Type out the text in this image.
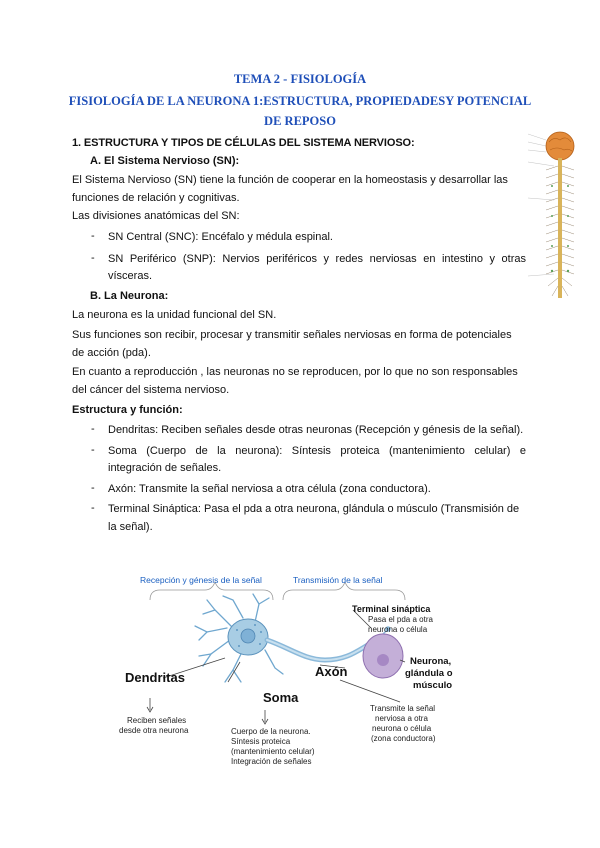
TEMA 2 - FISIOLOGÍA
FISIOLOGÍA DE LA NEURONA 1:ESTRUCTURA, PROPIEDADESY POTENCIAL
DE REPOSO
1. ESTRUCTURA Y TIPOS DE CÉLULAS DEL SISTEMA NERVIOSO:
A. El Sistema Nervioso (SN):
El Sistema Nervioso (SN) tiene la función de cooperar en la homeostasis y desarrollar las
funciones de relación y cognitivas.
Las divisiones anatómicas del SN:
- SN Central (SNC): Encéfalo y médula espinal.
- SN Periférico (SNP): Nervios periféricos y redes nerviosas en intestino y otras
vísceras.
B. La Neurona:
La neurona es la unidad funcional del SN.
Sus funciones son recibir, procesar y transmitir señales nerviosas en forma de potenciales
de acción (pda).
En cuanto a reproducción , las neuronas no se reproducen, por lo que no son responsables
del cáncer del sistema nervioso.
Estructura y función:
- Dendritas: Reciben señales desde otras neuronas (Recepción y génesis de la señal).
- Soma (Cuerpo de la neurona): Síntesis proteica (mantenimiento celular) e
integración de señales.
- Axón: Transmite la señal nerviosa a otra célula (zona conductora).
- Terminal Sináptica: Pasa el pda a otra neurona, glándula o músculo (Transmisión de
la señal).
Recepción y génesis de la señal	Transmisión de la señal
Terminal sináptica
Pasa el pda a otra
neurona o célula
Neurona,
glándula o
músculo
Dendritas	Axón
Soma
Reciben señales
desde otra neurona	Cuerpo de la neurona.
Síntesis proteica
(mantenimiento celular)
Integración de señales
Transmite la señal
nerviosa a otra
neurona o célula
(zona conductora)
